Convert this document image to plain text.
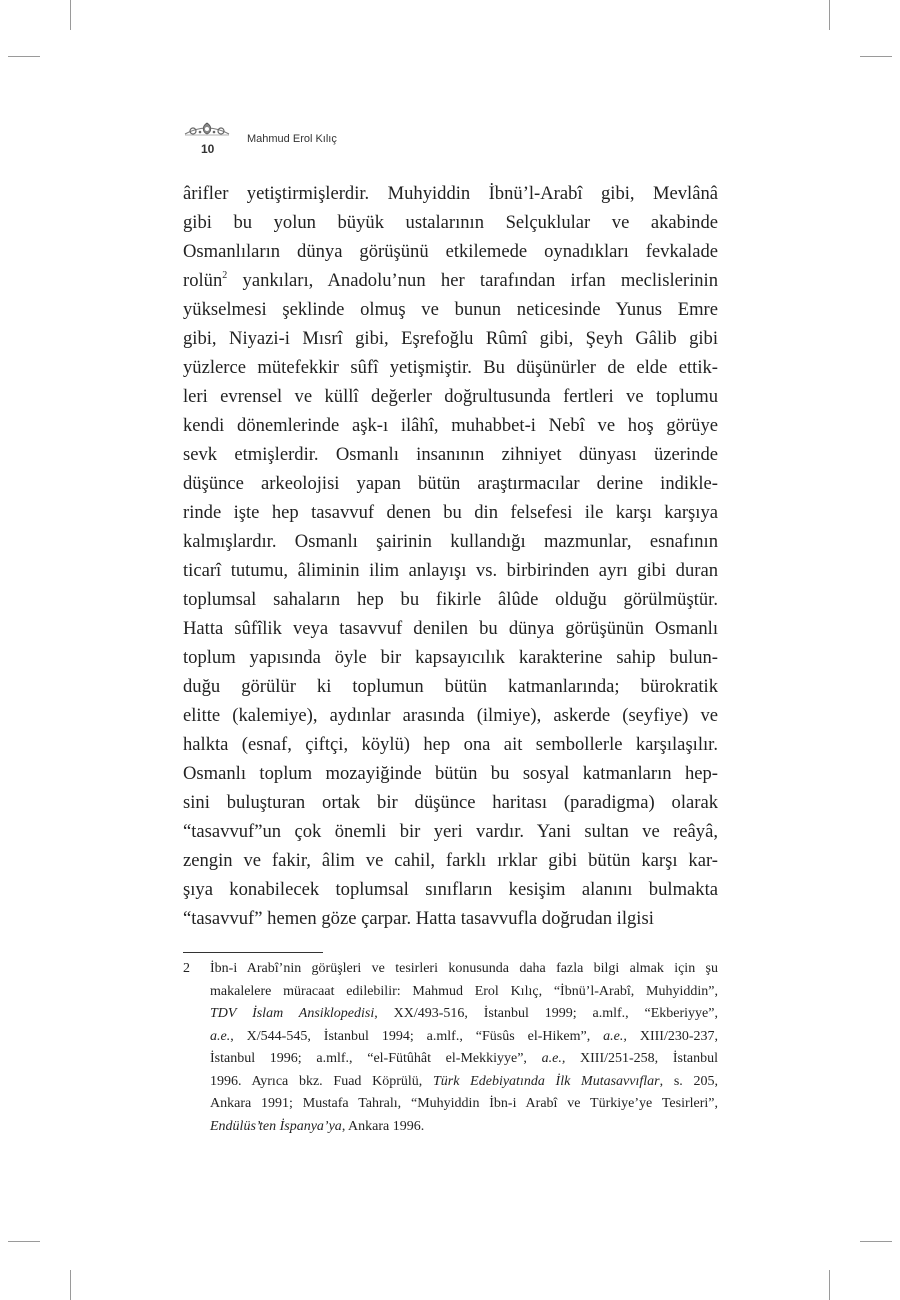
10
Mahmud Erol Kılıç
ârifler yetiştirmişlerdir. Muhyiddin İbnü’l-Arabî gibi, Mevlânâ
gibi bu yolun büyük ustalarının Selçuklular ve akabinde
Osmanlıların dünya görüşünü etkilemede oynadıkları fevkalade
rolün$^2$ yankıları, Anadolu’nun her tarafından irfan meclislerinin
yükselmesi şeklinde olmuş ve bunun neticesinde Yunus Emre
gibi, Niyazi-i Mısrî gibi, Eşrefoğlu Rûmî gibi, Şeyh Gâlib gibi
yüzlerce mütefekkir sûfî yetişmiştir. Bu düşünürler de elde ettik-
leri evrensel ve küllî değerler doğrultusunda fertleri ve toplumu
kendi dönemlerinde aşk-ı ilâhî, muhabbet-i Nebî ve hoş görüye
sevk etmişlerdir. Osmanlı insanının zihniyet dünyası üzerinde
düşünce arkeolojisi yapan bütün araştırmacılar derine indikle-
rinde işte hep tasavvuf denen bu din felsefesi ile karşı karşıya
kalmışlardır. Osmanlı şairinin kullandığı mazmunlar, esnafının
ticarî tutumu, âliminin ilim anlayışı vs. birbirinden ayrı gibi duran
toplumsal sahaların hep bu fikirle âlûde olduğu görülmüştür.
Hatta sûfîlik veya tasavvuf denilen bu dünya görüşünün Osmanlı
toplum yapısında öyle bir kapsayıcılık karakterine sahip bulun-
duğu görülür ki toplumun bütün katmanlarında; bürokratik
elitte (kalemiye), aydınlar arasında (ilmiye), askerde (seyfiye) ve
halkta (esnaf, çiftçi, köylü) hep ona ait sembollerle karşılaşılır.
Osmanlı toplum mozayiğinde bütün bu sosyal katmanların hep-
sini buluşturan ortak bir düşünce haritası (paradigma) olarak
“tasavvuf”un çok önemli bir yeri vardır. Yani sultan ve reâyâ,
zengin ve fakir, âlim ve cahil, farklı ırklar gibi bütün karşı kar-
şıya konabilecek toplumsal sınıfların kesişim alanını bulmakta
“tasavvuf” hemen göze çarpar. Hatta tasavvufla doğrudan ilgisi
2 İbn-i Arabî’nin görüşleri ve tesirleri konusunda daha fazla bilgi almak için şu
makalelere müracaat edilebilir: Mahmud Erol Kılıç, “İbnü’l-Arabî, Muhyiddin”,
TDV İslam Ansiklopedisi, XX/493-516, İstanbul 1999; a.mlf., “Ekberiyye”,
a.e., X/544-545, İstanbul 1994; a.mlf., “Füsûs el-Hikem”, a.e., XIII/230-237,
İstanbul 1996; a.mlf., “el-Fütûhât el-Mekkiyye”, a.e., XIII/251-258, İstanbul
1996. Ayrıca bkz. Fuad Köprülü, Türk Edebiyatında İlk Mutasavvıflar, s. 205,
Ankara 1991; Mustafa Tahralı, “Muhyiddin İbn-i Arabî ve Türkiye’ye Tesirleri”,
Endülüs’ten İspanya’ya, Ankara 1996.
